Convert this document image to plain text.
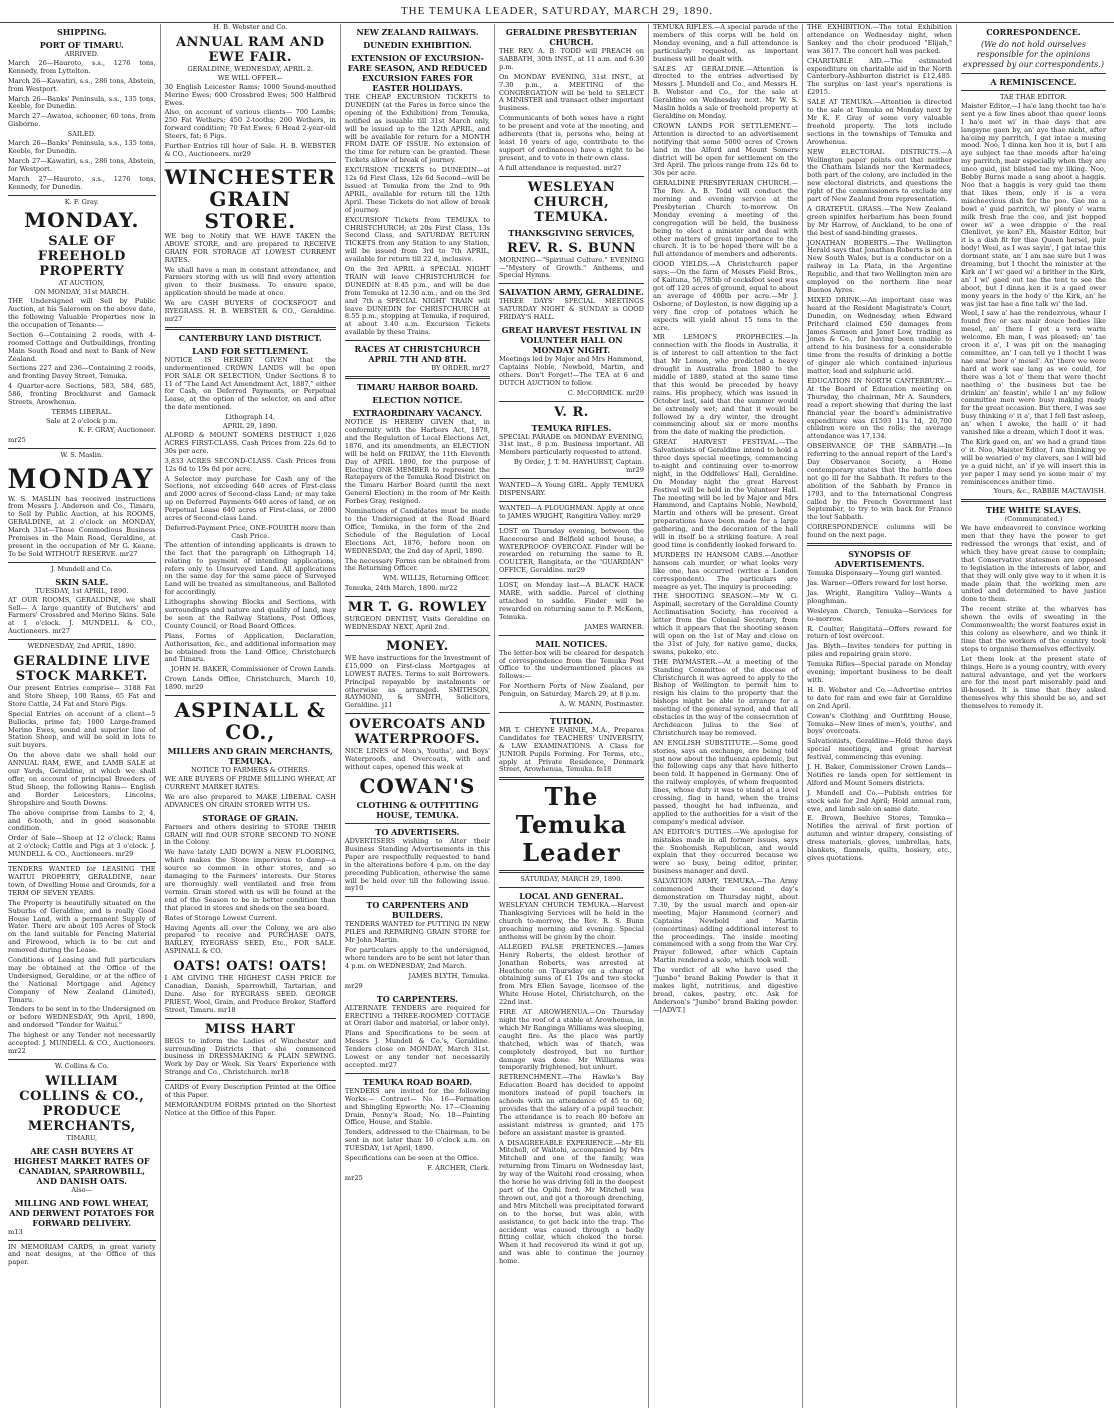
THE TEMUKA LEADER, SATURDAY, MARCH 29, 1890.
SHIPPING.
PORT OF TIMARU.
ARRIVED.
March 26—Hauroto, s.s., 1276 tons, Kennedy, from Lyttelton.
March 26—Kawatiri, s.s., 286 tons, Abstein, from Westport.
March 26—Banks' Peninsula, s.s., 135 tons, Keeble, for Dunedin.
March 27—Awatoa, schooner, 60 tons, from Gisborne.
SAILED.
March 26—Banks' Peninsula, s.s., 135 tons, Keeble, for Dunedin.
March 27—Kawatiri, s.s., 286 tons, Abstein, for Westport.
March 27—Hauroto, s.s., 1276 tons, Kennedy, for Dunedin.
K. F. Gray.
MONDAY.
SALE OF FREEHOLD PROPERTY
AT AUCTION,
ON MONDAY, 31st MARCH.
THE Undersigned will Sell by Public Auction, at his Saleroom on the above date, the following Valuable Properties now in the occupation of Tenants:—
Section 6—Containing 2 roods, with 4-roomed Cottage and Outbuildings, fronting Main South Road and next to Bank of New Zealand.
Sections 227 and 236—Containing 2 roods, and fronting Davey Street, Temuka.
4 Quarter-acre Sections, 583, 584, 685, 586, fronting Brockhurst and Gamack Streets, Arowhenua.
TERMS LIBERAL.
Sale at 2 o'clock p.m.
K. F. GRAY, Auctioneer.
mr25
W. S. Maslin.
MONDAY
W. S. MASLIN has received instructions from Messrs J. Anderson and Co., Timaru, to Sell by Public Auction, at his ROOMS, GERALDINE, at 2 o'clock on MONDAY, March 31st—Those Commodious Business Premises in the Main Road, Geraldine, at present in the occupation of Mr G. Keane. To be Sold WITHOUT RESERVE. mr27
J. Mundell and Co.
SKIN SALE.
TUESDAY, 1st APRIL, 1890.
AT OUR ROOMS, GERALDINE, we shall Sell— A large quantity of Butchers' and Farmers' Crossbred and Merino Skins. Sale at 1 o'clock. J. MUNDELL & CO., Auctioneers. mr27
WEDNESDAY, 2nd APRIL, 1890.
GERALDINE LIVE STOCK MARKET.
Our present Entries comprise— 3188 Fat and Store Sheep, 100 Rams, 65 Fat and Store Cattle, 24 Fat and Store Pigs.
Special Entries on account of a client—5 Bullocks, prime fat; 1000 Large-framed Merino Ewes, sound and superior line of Station Sheep, and will be sold in lots to suit buyers.
On the above date we shall hold our ANNUAL RAM, EWE, and LAMB SALE at our Yards, Geraldine, at which we shall offer, on account of principal Breeders of Stud Sheep, the following Rams— English and Border Leicesters, Lincolns, Shropshire and South Downs.
The above comprise from Lambs to 2, 4, and 6-tooth, and in good seasonable condition.
Order of Sale—Sheep at 12 o'clock; Rams at 2 o'clock; Cattle and Pigs at 3 o'clock. J. MUNDELL & CO., Auctioneers. mr29
TENDERS WANTED for LEASING THE WAITUI PROPERTY, GERALDINE, near town, of Dwelling Home and Grounds, for a TERM OF SEVEN YEARS.
The Property is beautifully situated on the Suburbs of Geraldine, and is really Good House Land, with a permanent Supply of Water. There are about 105 Acres of Stock on the land suitable for Fencing Material and Firewood, which is to be cut and removed during the Lease.
Conditions of Leasing and full particulars may be obtained at the Office of the Undersigned, Geraldine, or at the office of the National Mortgage and Agency Company of New Zealand (Limited), Timaru.
Tenders to be sent in to the Undersigned on or before WEDNESDAY, 9th April, 1890, and endorsed "Tender for Waitui."
The highest or any Tender not necessarily accepted. J. MUNDELL & CO., Auctioneers. mr22
W. Collins & Co.
WILLIAM COLLINS & CO., PRODUCE MERCHANTS,
TIMARU,
ARE CASH BUYERS AT HIGHEST MARKET RATES OF CANADIAN, SPARROWBILL, AND DANISH OATS.
Also—
MILLING AND FOWL WHEAT, AND DERWENT POTATOES FOR FORWARD DELIVERY.
m13
IN MEMORIAM CARDS, in great variety and neat designs, at the Office of this paper.
H. B. Webster and Co.
ANNUAL RAM AND EWE FAIR.
GERALDINE, WEDNESDAY, APRIL 2.
WE WILL OFFER—
30 English Leicester Rams; 1000 Sound-mouthed Merino Ewes; 600 Crossbred Ewes; 500 Halfbred Ewes.
Also, on account of various clients— 700 Lambs; 250 Fat Wethers; 450 2-tooths; 200 Wethers, in forward condition; 70 Fat Ewes; 6 Head 2-year-old Steers, fat; 6 Pigs.
Further Entries till hour of Sale. H. B. WEBSTER & CO., Auctioneers. mr29
WINCHESTER GRAIN STORE.
WE beg to Notify that WE HAVE TAKEN the ABOVE STORE, and are prepared to RECEIVE GRAIN FOR STORAGE AT LOWEST CURRENT RATES.
We shall have a man in constant attendance, and Farmers storing with us will find every attention given to their business. To ensure space, application should be made at once.
We are CASH BUYERS of COCKSFOOT and RYEGRASS. H. B. WEBSTER & CO., Geraldine. mr27
CANTERBURY LAND DISTRICT.
LAND FOR SETTLEMENT.
NOTICE IS HEREBY GIVEN that the undermentioned CROWN LANDS will be open FOR SALE OR SELECTION, Under Sections 8 to 11 of "The Land Act Amendment Act, 1887," either for Cash, on Deferred Payments, or Perpetual Lease, at the option of the selector, on and after the date mentioned.
Lithograph 14,
APRIL 29, 1890.
ALFORD & MOUNT SOMERS DISTRICT 1,026 ACRES FIRST-CLASS. Cash Prices from 22s 6d to 30s per acre.
3,833 ACRES SECOND-CLASS. Cash Prices from 12s 6d to 19s 6d per acre.
A Selector may purchase for Cash any of the Sections, not exceeding 640 acres of First-class and 2000 acres of Second-class Land; or may take up on Deferred Payments 640 acres of land, or on Perpetual Lease 640 acres of First-class, or 2000 acres of Second-class Land.
Deferred-Payment Price, ONE-FOURTH more than Cash Price.
The attention of intending applicants is drawn to the fact that the paragraph on Lithograph 14, relating to payment of intending applications, refers only to Unsurveyed Land. All applications on the same day for the same piece of Surveyed Land will be treated as simultaneous, and Balloted for accordingly.
Lithographs showing Blocks and Sections, with surroundings and nature and quality of land, may be seen at the Railway Stations, Post Offices, County Council, or Road Board Offices.
Plans, Forms of Application, Declaration, Authorisation, &c., and additional information may be obtained from the Land Office, Christchurch and Timaru.
JOHN H. BAKER, Commissioner of Crown Lands.
Crown Lands Office, Christchurch, March 10, 1890. mr29
ASPINALL & CO.,
MILLERS AND GRAIN MERCHANTS, TEMUKA.
NOTICE TO FARMERS & OTHERS.
WE ARE BUYERS OF PRIME MILLING WHEAT, AT CURRENT MARKET RATES.
We are also prepared to MAKE LIBERAL CASH ADVANCES ON GRAIN STORED WITH US.
STORAGE OF GRAIN.
Farmers and others desiring to STORE THEIR GRAIN will find OUR STORE SECOND TO NONE in the Colony.
We have lately LAID DOWN a NEW FLOORING, which makes the Store impervious to damp—a source so common in other stores, and so damaging to the Farmers' interests. Our Stores are thoroughly well ventilated and free from vermin. Grain stored with us will be found at the end of the Season to be in better condition than that placed in stores and sheds on the sea board.
Rates of Storage Lowest Current.
Having Agents all over the Colony, we are also prepared to receive and PURCHASE OATS, BARLEY, RYEGRASS SEED, Etc., FOR SALE. ASPINALL & CO.
OATS! OATS! OATS!
I AM GIVING THE HIGHEST CASH PRICE for Canadian, Danish, Sparrowbill, Tartarian, and Dune. Also for RYEGRASS SEED. GEORGE PRIEST, Wool, Grain, and Produce Broker, Stafford Street, Timaru. mr18
MISS HART
BEGS to inform the Ladies of Winchester and surrounding Districts that she commenced business in DRESSMAKING & PLAIN SEWING. Work by Day or Week. Six Years' Experience with Strange and Co., Christchurch. mr18
CARDS of Every Description Printed at the Office of this Paper.
MEMORANDUM FORMS printed on the Shortest Notice at the Office of this Paper.
NEW ZEALAND RAILWAYS.
DUNEDIN EXHIBITION.
EXTENSION OF EXCURSION-FARE SEASON, AND REDUCED EXCURSION FARES FOR EASTER HOLIDAYS.
THE CHEAP EXCURSION TICKETS to DUNEDIN (at the Fares in force since the opening of the Exhibition) from Temuka, notified as issuable till 31st March only, will be issued up to the 12th APRIL, and will be available for return for a MONTH FROM DATE OF ISSUE. No extension of the time for return can be granted. These Tickets allow of break of journey.
EXCURSION TICKETS to DUNEDIN—at 12s 6d First Class, 12s 6d Second—will be issued at Temuka from the 2nd to 9th APRIL, available for return till the 12th April. These Tickets do not allow of break of journey.
EXCURSION Tickets from TEMUKA to CHRISTCHURCH, at 20s First Class, 13s Second Class, and SATURDAY RETURN TICKETS from any Station to any Station, will be issued from 3rd to 7th APRIL, available for return till 22 d, inclusive.
On the 3rd APRIL a SPECIAL NIGHT TRAIN will leave CHRISTCHURCH for DUNEDIN at 8.45 p.m., and will be due from Temuka at 12.30 a.m.; and on the 3rd and 7th a SPECIAL NIGHT TRAIN will leave DUNEDIN for CHRISTCHURCH at 8.55 p.m., stopping at Temuka, if required, at about 3.40 a.m. Excursion Tickets available by these Trains.
RACES AT CHRISTCHURCH APRIL 7TH AND 8TH.
BY ORDER. mr27
TIMARU HARBOR BOARD.
ELECTION NOTICE.
EXTRAORDINARY VACANCY.
NOTICE IS HEREBY GIVEN that, in conformity with the Harbors Act, 1878, and the Regulation of Local Elections Act, 1876, and its amendments, an ELECTION will be held on FRIDAY, the 11th Eleventh Day of APRIL 1890, for the purpose of Electing ONE MEMBER to represent the Ratepayers of the Temuka Road District on the Timaru Harbor Board (until the next General Election) in the room of Mr Keith Forbes Gray, resigned.
Nominations of Candidates must be made to the Undersigned at the Road Board Office, Temuka, in the form of the 2nd Schedule of the Regulation of Local Elections Act, 1876, before noon on WEDNESDAY, the 2nd day of April, 1890.
The necessary Forms can be obtained from the Returning Officer.
WM. WILLIS, Returning Officer.
Temuka, 24th March, 1890. mr22
MR T. G. ROWLEY
SURGEON DENTIST, Visits Geraldine on WEDNESDAY NEXT, April 2nd.
MONEY.
WE have instructions for the Investment of £15,000 on First-class Mortgages at LOWEST RATES. Terms to suit Borrowers. Principal repayable by instalments or otherwise as arranged. SMITHSON, RAYMOND, & SMITH, Solicitors, Geraldine. j11
OVERCOATS AND WATERPROOFS.
NICE LINES of Men's, Youths', and Boys' Waterproofs and Overcoats, with and without capes, opened this week at
COWAN'S
CLOTHING & OUTFITTING HOUSE, TEMUKA.
TO ADVERTISERS.
ADVERTISERS wishing to Alter their Business Standing Advertisements in this Paper are respectfully requested to hand in the alterations before 4 p.m. on the day preceding Publication, otherwise the same will be held over till the following issue. my10
TO CARPENTERS AND BUILDERS.
TENDERS WANTED for PUTTING IN NEW PILES and REPAIRING GRAIN STORE for Mr John Martin.
For particulars apply to the undersigned, where tenders are to be sent not later than 4 p.m. on WEDNESDAY, 2nd March.
JAMES BLYTH, Temuka.
mr29
TO CARPENTERS.
ALTERNATE TENDERS are required for ERECTING a THREE-ROOMED COTTAGE at Orari (labor and material, or labor only).
Plans and Specifications to be seen at Messrs J. Mundell & Co.'s, Geraldine. Tenders close on MONDAY, March 31st. Lowest or any tender not necessarily accepted. mr27
TEMUKA ROAD BOARD.
TENDERS are invited for the following Works:— Contract— No. 16—Formation and Shingling Epworth; No. 17—Cleaning Drain, Penny's Road; No. 18—Painting Office, House, and Stable.
Tenders, addressed to the Chairman, to be sent in not later than 10 o'clock a.m. on TUESDAY, 1st April, 1890.
Specifications can be seen at the Office.
F. ARCHER, Clerk.
mr25
GERALDINE PRESBYTERIAN CHURCH.
THE REV. A. B. TODD will PREACH on SABBATH, 30th INST., at 11 a.m. and 6.30 p.m.
On MONDAY EVENING, 31st INST., at 7.30 p.m., a MEETING of the CONGREGATION will be held to SELECT A MINISTER and transact other important business.
Communicants of both sexes have a right to be present and vote at the meeting, and adherents (that is, persons who, being at least 16 years of age, contribute to the support of ordinances) have a right to be present, and to vote in their own class.
A full attendance is requested. mr27
WESLEYAN CHURCH, TEMUKA.
THANKSGIVING SERVICES,
REV. R. S. BUNN
MORNING—"Spiritual Culture." EVENING—"Mystery of Growth." Anthems, and Special Hymns.
SALVATION ARMY, GERALDINE.
THREE DAYS' SPECIAL MEETINGS SATURDAY NIGHT & SUNDAY is GOOD FRIDAY'S HALL.
GREAT HARVEST FESTIVAL IN VOLUNTEER HALL ON MONDAY NIGHT.
Meetings led by Major and Mrs Hammond, Captains Noble, Newbold, Martin, and others. Don't Forget!—The TEA at 6 and DUTCH AUCTION to follow.
C. McCORMICK. mr29
V. R.
TEMUKA RIFLES.
SPECIAL PARADE on MONDAY EVENING, 31st inst., 8 p.m. Business important. All Members particularly requested to attend.
By Order, J. T. M. HAYHURST, Captain. mr29
WANTED—A Young GIRL. Apply TEMUKA DISPENSARY.
WANTED—A PLOUGHMAN. Apply at once to JAMES WRIGHT, Rangitira Valley. mr29
LOST on Thursday evening, between the Racecourse and Belfield school house, a WATERPROOF OVERCOAT. Finder will be rewarded on returning the same to R. COULTER, Rangitata, or the "GUARDIAN" OFFICE, Geraldine. mr29
LOST, on Monday last—A BLACK HACK MARE, with saddle. Parcel of clothing attached to saddle. Finder will be rewarded on returning same to P. McKeon, Temuka.
JAMES WARNER.
MAIL NOTICES.
The letter-box will be cleared for despatch of correspondence from the Temuka Post Office to the undermentioned places as follows:—
For Northern Ports of New Zealand, per Penguin, on Saturday, March 29, at 8 p.m.
A. W. MANN, Postmaster.
TUITION.
MR T. CHEYNE FARNIE, M.A., Prepares Candidates for TEACHERS' UNIVERSITY, & LAW EXAMINATIONS. A Class for JUNIOR Pupils Forming. For Terms, etc., apply at Private Residence, Denmark Street, Arowhenua, Temuka. fe18
The Temuka Leader
SATURDAY, MARCH 29, 1890.
LOCAL AND GENERAL.
WESLEYAN CHURCH TEMUKA.—Harvest Thanksgiving Services will be held in the church to-morrow, the Rev. R. S. Bunn preaching morning and evening. Special anthems will be given by the choir.
ALLEGED FALSE PRETENCES.—James Henry Roberts, the eldest brother of Jonathan Roberts, was arrested at Heathcote on Thursday on a charge of obtaining sums of £1 19s and two stocks from Mrs Ellen Savage, licensee of the White House Hotel, Christchurch, on the 22nd inst.
FIRE AT AROWHENUA.—On Thursday night the roof of a stable at Arowhenua, in which Mr Ranginga Williams was sleeping, caught fire. As the place was partly thatched, which was of thatch, was completely destroyed, but no further damage was done. Mr Williams was temporarily frightened, but unhurt.
RETRENCHMENT.—The Hawke's Bay Education Board has decided to appoint monitors instead of pupil teachers in schools with an attendance of 45 to 60, provides that the salary of a pupil teacher. The attendance is to reach 80 before an assistant mistress is granted, and 175 before an assistant master is granted.
A DISAGREEABLE EXPERIENCE.—Mr Eli Mitchell, of Waitohi, accompanied by Mrs Mitchell and one of the family, was returning from Timaru on Wednesday last, by way of the Waitohi road crossing, when the horse he was driving fell in the deepest part of the Opihi ford. Mr Mitchell was thrown out, and got a thorough drenching, and Mrs Mitchell was precipitated forward on to the horse, but was able, with assistance, to get back into the trap. The accident was caused through a badly fitting collar, which choked the horse. When it had recovered its wind it got up, and was able to continue the journey home.
TEMUKA RIFLES.—A special parade of the members of this corps will be held on Monday evening, and a full attendance is particularly requested, as important business will be dealt with.
SALES AT GERALDINE.—Attention is directed to the entries advertised by Messrs J. Mundell and Co., and Messrs H. B. Webster and Co., for the sale at Geraldine on Wednesday next. Mr W. S. Maslin holds a sale of freehold property at Geraldine on Monday.
CROWN LANDS FOR SETTLEMENT.—Attention is directed to an advertisement notifying that some 5000 acres of Crown land in the Alford and Mount Somers district will be open for settlement on the 3rd April. The prices range from 12s 6d to 30s per acre.
GERALDINE PRESBYTERIAN CHURCH.—The Rev. A. B. Todd will conduct the morning and evening service at the Presbyterian Church to-morrow. On Monday evening a meeting of the congregation will be held, the business being to elect a minister and deal with other matters of great importance to the church. It is to be hoped there will be a full attendance of members and adherents.
GOOD YIELDS.—A Christchurch paper says:—On the farm of Messrs Field Bros., of Kaituna, 56,785lb of cocksfoot seed was got off 120 acres of ground, equal to about an average of 400lb per acre.—Mr J. Osborne, of Doyleston, is now digging up a very fine crop of potatoes which he expects will yield about 15 tons to the acre.
MR LEMON'S PROPHECIES.—In connection with the floods in Australia, it is of interest to call attention to the fact that Mr Lemon, who predicted a heavy drought in Australia from 1880 to the middle of 1889, stated at the same time that this would be preceded by heavy rains. His prophecy, which was issued in October last, said that the summer would be extremely wet; and that it would be followed by a dry winter, the drought commencing about six or more months from the date of making the prediction.
GREAT HARVEST FESTIVAL.—The Salvationists of Geraldine intend to hold a three days special meetings, commencing to-night and continuing over to-morrow night, in the Oddfellows' Hall, Geraldine. On Monday night the great Harvest Festival will be held in the Volunteer Hall. The meeting will be led by Major and Mrs Hammond, and Captains Noble, Newbold, Martin and others will be present. Great preparations have been made for a large gathering, and the decoration of the hall will in itself be a striking feature. A real good time is confidently looked forward to.
MURDERS IN HANSOM CABS.—Another hansom cab murder, or what looks very like one, has occurred (writes a London correspondent). The particulars are meagre as yet. The inquiry is proceeding.
THE SHOOTING SEASON.—Mr W. G. Aspinall, secretary of the Geraldine County Acclimatisation Society, has received a letter from the Colonial Secretary, from which it appears that the shooting season will open on the 1st of May and close on the 31st of July, for native game, ducks, swans, pukeko, etc.
THE PAYMASTER.—At a meeting of the Standing Committee of the diocese of Christchurch it was agreed to apply to the Bishop of Wellington to permit him to resign his claim to the property that the bishops might be able to arrange for a meeting of the general synod, and that all obstacles in the way of the consecration of Archdeacon Julius to the See of Christchurch may be removed.
AN ENGLISH SUBSTITUTE.—Some good stories, says an exchange, are being told just now about the influenza epidemic, but the following caps any that have hitherto been told. It happened in Germany. One of the railway employés, of whom frequented lines, whose duty it was to stand at a level crossing, flag in hand, when the trains passed, thought he had influenza, and applied to the authorities for a visit of the company's medical adviser.
AN EDITOR'S DUTIES.—We apologise for mistakes made in all former issues, says the Snohomish Republican, and would explain that they occurred because we were so busy, being editor, printer, business manager and devil.
SALVATION ARMY, TEMUKA.—The Army commenced their second day's demonstration on Thursday night, about 7.30, by the usual march and open-air meeting, Major Hammond (corner) and Captains Newbold and Martin (concertinas) adding additional interest to the proceedings. The inside meeting commenced with a song from the War Cry. Prayer followed, after which Captain Martin rendered a solo, which took well.
The verdict of all who have used the "Jumbo" brand Baking Powder is that it makes light, nutritious, and digestive bread, cakes, pastry, etc. Ask for Anderson's "Jumbo" brand Baking powder.—[ADVT.]
THE EXHIBITION.—The total Exhibition attendance on Wednesday night, when Sankey and the choir produced "Elijah," was 3617. The concert hall was packed.
CHARITABLE AID.—The estimated expenditure on charitable aid in the North Canterbury-Ashburton district is £12,485. The surplus on last year's operations is £2915.
SALE AT TEMUKA.—Attention is directed to the sale at Temuka on Monday next by Mr K. F. Gray of some very valuable freehold property. The lots include sections in the townships of Temuka and Arowhenua.
NEW ELECTORAL DISTRICTS.—A Wellington paper points out that neither the Chatham Islands nor the Kermadecs, both part of the colony, are included in the new electoral districts, and questions the right of the commissioners to exclude any part of New Zealand from representation.
A GRATEFUL GRASS.—The New Zealand green spinifex herbarium has been found by Mr Harrow, of Auckland, to be one of the best of sand-binding grasses.
JONATHAN ROBERTS.—The Wellington Herald says that Jonathan Roberts is not in New South Wales, but is a conductor on a railway in La Plata, in the Argentine Republic, and that two Wellington men are employed on the northern line near Buenos Ayres.
MIXED DRINK.—An important case was heard at the Resident Magistrate's Court, Dunedin, on Wednesday, when Edward Pritchard claimed £50 damages from James Samson and Janet Low, trading as Jones & Co., for having been unable to attend to his business for a considerable time from the results of drinking a bottle of ginger ale which contained injurious matter, lead and sulphuric acid.
EDUCATION IN NORTH CANTERBURY.—At the Board of Education meeting on Thursday, the chairman, Mr A. Saunders, read a report showing that during the last financial year the board's administrative expenditure was £1593 11s 1d, 20,700 children were on the rolls; the average attendance was 17,134.
OBSERVANCE OF THE SABBATH.—In referring to the annual report of the Lord's Day Observance Society, a Home contemporary states that the battle does not go ill for the Sabbath. It refers to the abolition of the Sabbath by France in 1793, and to the International Congress called by the French Government last September, to try to win back for France the lost Sabbath.
CORRESPONDENCE columns will be found on the next page.
SYNOPSIS OF ADVERTISEMENTS.
Temuka Dispensary—Young girl wanted.
Jas. Warner—Offers reward for lost horse.
Jas. Wright, Rangitira Valley—Wants a ploughman.
Wesleyan Church, Temuka—Services for to-morrow.
R. Coulter, Rangitata—Offers reward for return of lost overcoat.
Jas. Blyth—Invites tenders for putting in piles and repairing grain store.
Temuka Rifles—Special parade on Monday evening; important business to be dealt with.
H. B. Webster and Co.—Advertise entries to date for ram and ewe fair at Geraldine on 2nd April.
Cowan's Clothing and Outfitting House, Temuka—New lines of men's, youths', and boys' overcoats.
Salvationists, Geraldine—Hold three days special meetings, and great harvest festival, commencing this evening.
J. H. Baker, Commissioner Crown Lands—Notifies re lands open for settlement in Alford and Mount Somers districts.
J. Mundell and Co.—Publish entries for stock sale for 2nd April; Hold annual ram, ewe, and lamb sale on same date.
E. Brown, Beehive Stores, Temuka—Notifies the arrival of first portion of autumn and winter drapery, consisting of dress materials, gloves, umbrellas, hats, blankets, flannels, quilts, hosiery, etc., gives quotations.
CORRESPONDENCE.
(We do not hold ourselves responsible for the opinions expressed by our correspondents.)
A REMINISCENCE.
TAE THAE EDITOR.
Maister Editor,—I ha'e lang thocht tae ha'e sent ye a few lines aboot thae queer loons I ha'e met wi' in thae days that are langsyne gaen by, an' aye thae nicht, after ha'eing my parritch, I gat intae a musing mood. Noo, I dinna ken hoo it is, but I am aye subject tae thae moods after ha'eing my parritch, mair especially when they are unco guid, jist blisted tae my liking. Noo, Bobby Burns made a sang aboot a haggis. Noo that a haggis is very guid tae them that likes them, only it is a vera mischeevious dish for the poo. Gae me a bowl o' guid parritch, wi' plenty o' warm milk fresh frae the coo, and jist hopped ower wi' a wee drappie o' the real Glenlivet, ye ken? Eh, Maister Editor, but it is a dish fit for thae Queen hersel, puir body! Weel, as I was sayin', I gat intae this dormant state, an' I am nae sure but I was dreaming, but I thocht the minister at the Kirk an' I wi' gaed wi' a brither in the Kirk, an' I wi' gaed out tae the tent to see the aboot, but I dinna ken it is a gaed ower mony years in the body o' the Kirk, an' he was jist tae hae a fine talk wi' the lad.
Weel, I saw a' hae the rendezvous, whaur I found five or sax mair douce bodies like mesel, an' there I got a vera warm welcome. Eh man, I was pleased; an' tae croon it a', I was pit on the managing committee, an' I can tell ye I thocht I was nae sma' beer o' mesel'. An' there we were hard at work sae lang as we could, for there was a lot o' them that were thocht naething o' the business but tae be drinkin' an' feastin', while I an' my fellow committee men were busy making ready for the great occasion. But there, I was sae busy thinking o' it a', that I fell fast asleep, an' when I awoke, the haill o' it had vanished like a dream, which I doot it was.
The Kirk gaed on, an' we had a grand time o' it. Noo, Maister Editor, I am thinking ye will be wearied o' my clavers, sae I will bid ye a guid nicht, an' if ye will insert this in yer paper I may send ye some mair o' my reminiscences anither time.
Yours, &c., RABBIE MACTAVISH.
THE WHITE SLAVES.
(Communicated.)
We have endeavored to convince working men that they have the power to get redressed the wrongs that exist, and of which they have great cause to complain; that Conservative statesmen are opposed to legislation in the interests of labor, and that they will only give way to it when it is made plain that the working men are united and determined to have justice done to them.
The recent strike at the wharves has shown the evils of sweating in the Commonwealth; the worst features exist in this colony as elsewhere, and we think it time that the workers of the country took steps to organise themselves effectively.
Let them look at the present state of things. Here is a young country, with every natural advantage, and yet the workers are for the most part miserably paid and ill-housed. It is time that they asked themselves why this should be so, and set themselves to remedy it.
